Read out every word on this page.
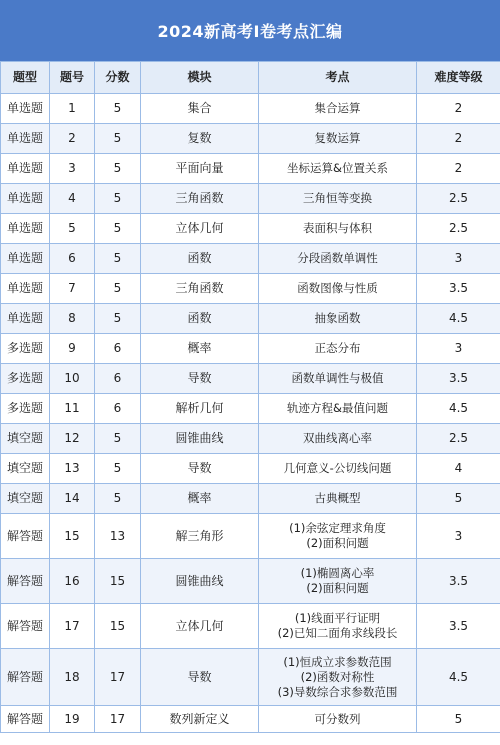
2024新高考Ⅰ卷考点汇编
题型	题号	分数	模块	考点	难度等级
单选题	1	5	集合	集合运算	2
单选题	2	5	复数	复数运算	2
单选题	3	5	平面向量	坐标运算&位置关系	2
单选题	4	5	三角函数	三角恒等变换	2.5
单选题	5	5	立体几何	表面积与体积	2.5
单选题	6	5	函数	分段函数单调性	3
单选题	7	5	三角函数	函数图像与性质	3.5
单选题	8	5	函数	抽象函数	4.5
多选题	9	6	概率	正态分布	3
多选题	10	6	导数	函数单调性与极值	3.5
多选题	11	6	解析几何	轨迹方程&最值问题	4.5
填空题	12	5	圆锥曲线	双曲线离心率	2.5
填空题	13	5	导数	几何意义-公切线问题	4
填空题	14	5	概率	古典概型	5
解答题	15	13	解三角形	(1)余弦定理求角度
(2)面积问题	3
解答题	16	15	圆锥曲线	(1)椭圆离心率
(2)面积问题	3.5
解答题	17	15	立体几何	(1)线面平行证明
(2)已知二面角求线段长	3.5
解答题	18	17	导数	(1)恒成立求参数范围
(2)函数对称性
(3)导数综合求参数范围	4.5
解答题	19	17	数列新定义	可分数列	5
